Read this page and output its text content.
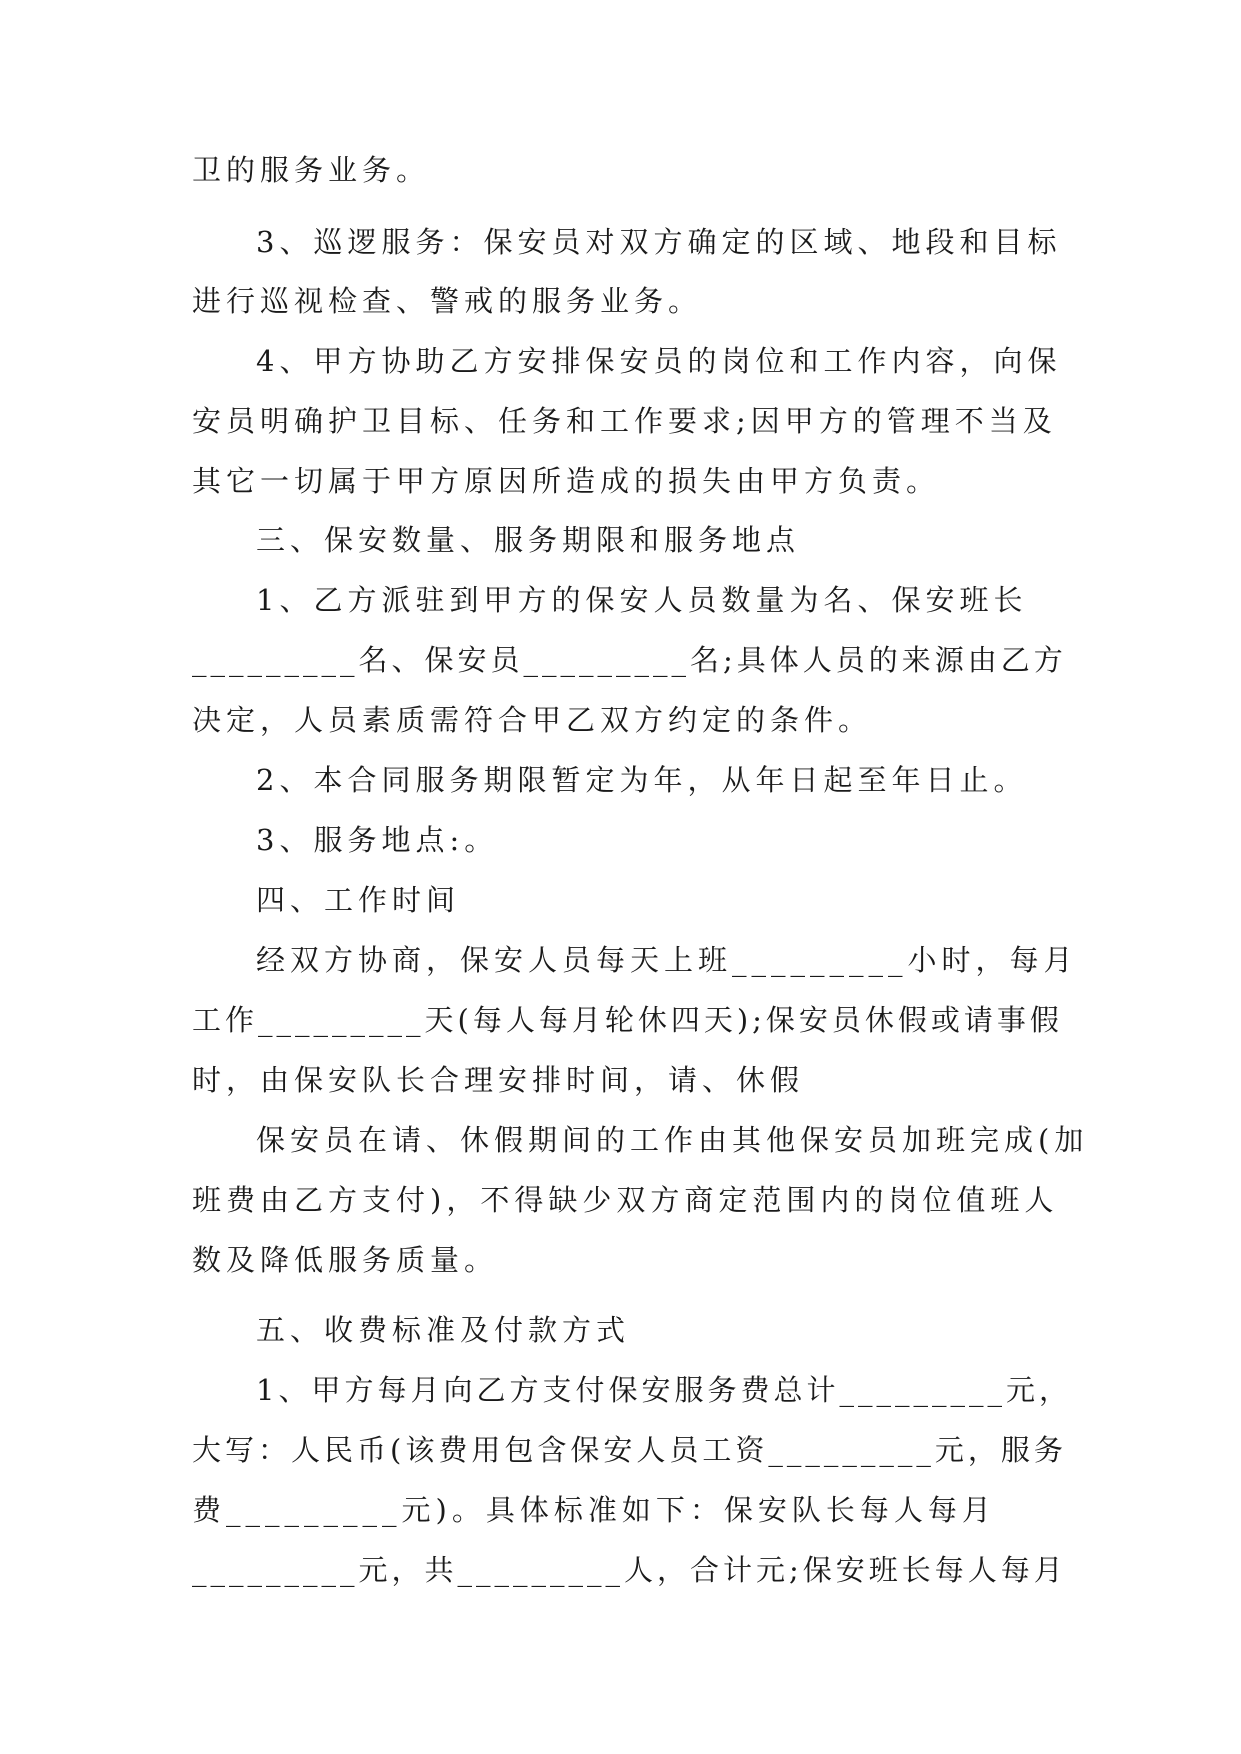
卫的服务业务。

3、巡逻服务：保安员对双方确定的区域、地段和目标

进行巡视检查、警戒的服务业务。

4、甲方协助乙方安排保安员的岗位和工作内容，向保

安员明确护卫目标、任务和工作要求;因甲方的管理不当及

其它一切属于甲方原因所造成的损失由甲方负责。

三、保安数量、服务期限和服务地点

1、乙方派驻到甲方的保安人员数量为名、保安班长

_________名、保安员_________名;具体人员的来源由乙方

决定，人员素质需符合甲乙双方约定的条件。

2、本合同服务期限暂定为年，从年日起至年日止。

3、服务地点:。

四、工作时间

经双方协商，保安人员每天上班_________小时，每月

工作_________天(每人每月轮休四天);保安员休假或请事假

时，由保安队长合理安排时间，请、休假

保安员在请、休假期间的工作由其他保安员加班完成(加

班费由乙方支付)，不得缺少双方商定范围内的岗位值班人

数及降低服务质量。

五、收费标准及付款方式

1、甲方每月向乙方支付保安服务费总计_________元，

大写：人民币(该费用包含保安人员工资_________元，服务

费_________元)。具体标准如下：保安队长每人每月

_________元，共_________人，合计元;保安班长每人每月
